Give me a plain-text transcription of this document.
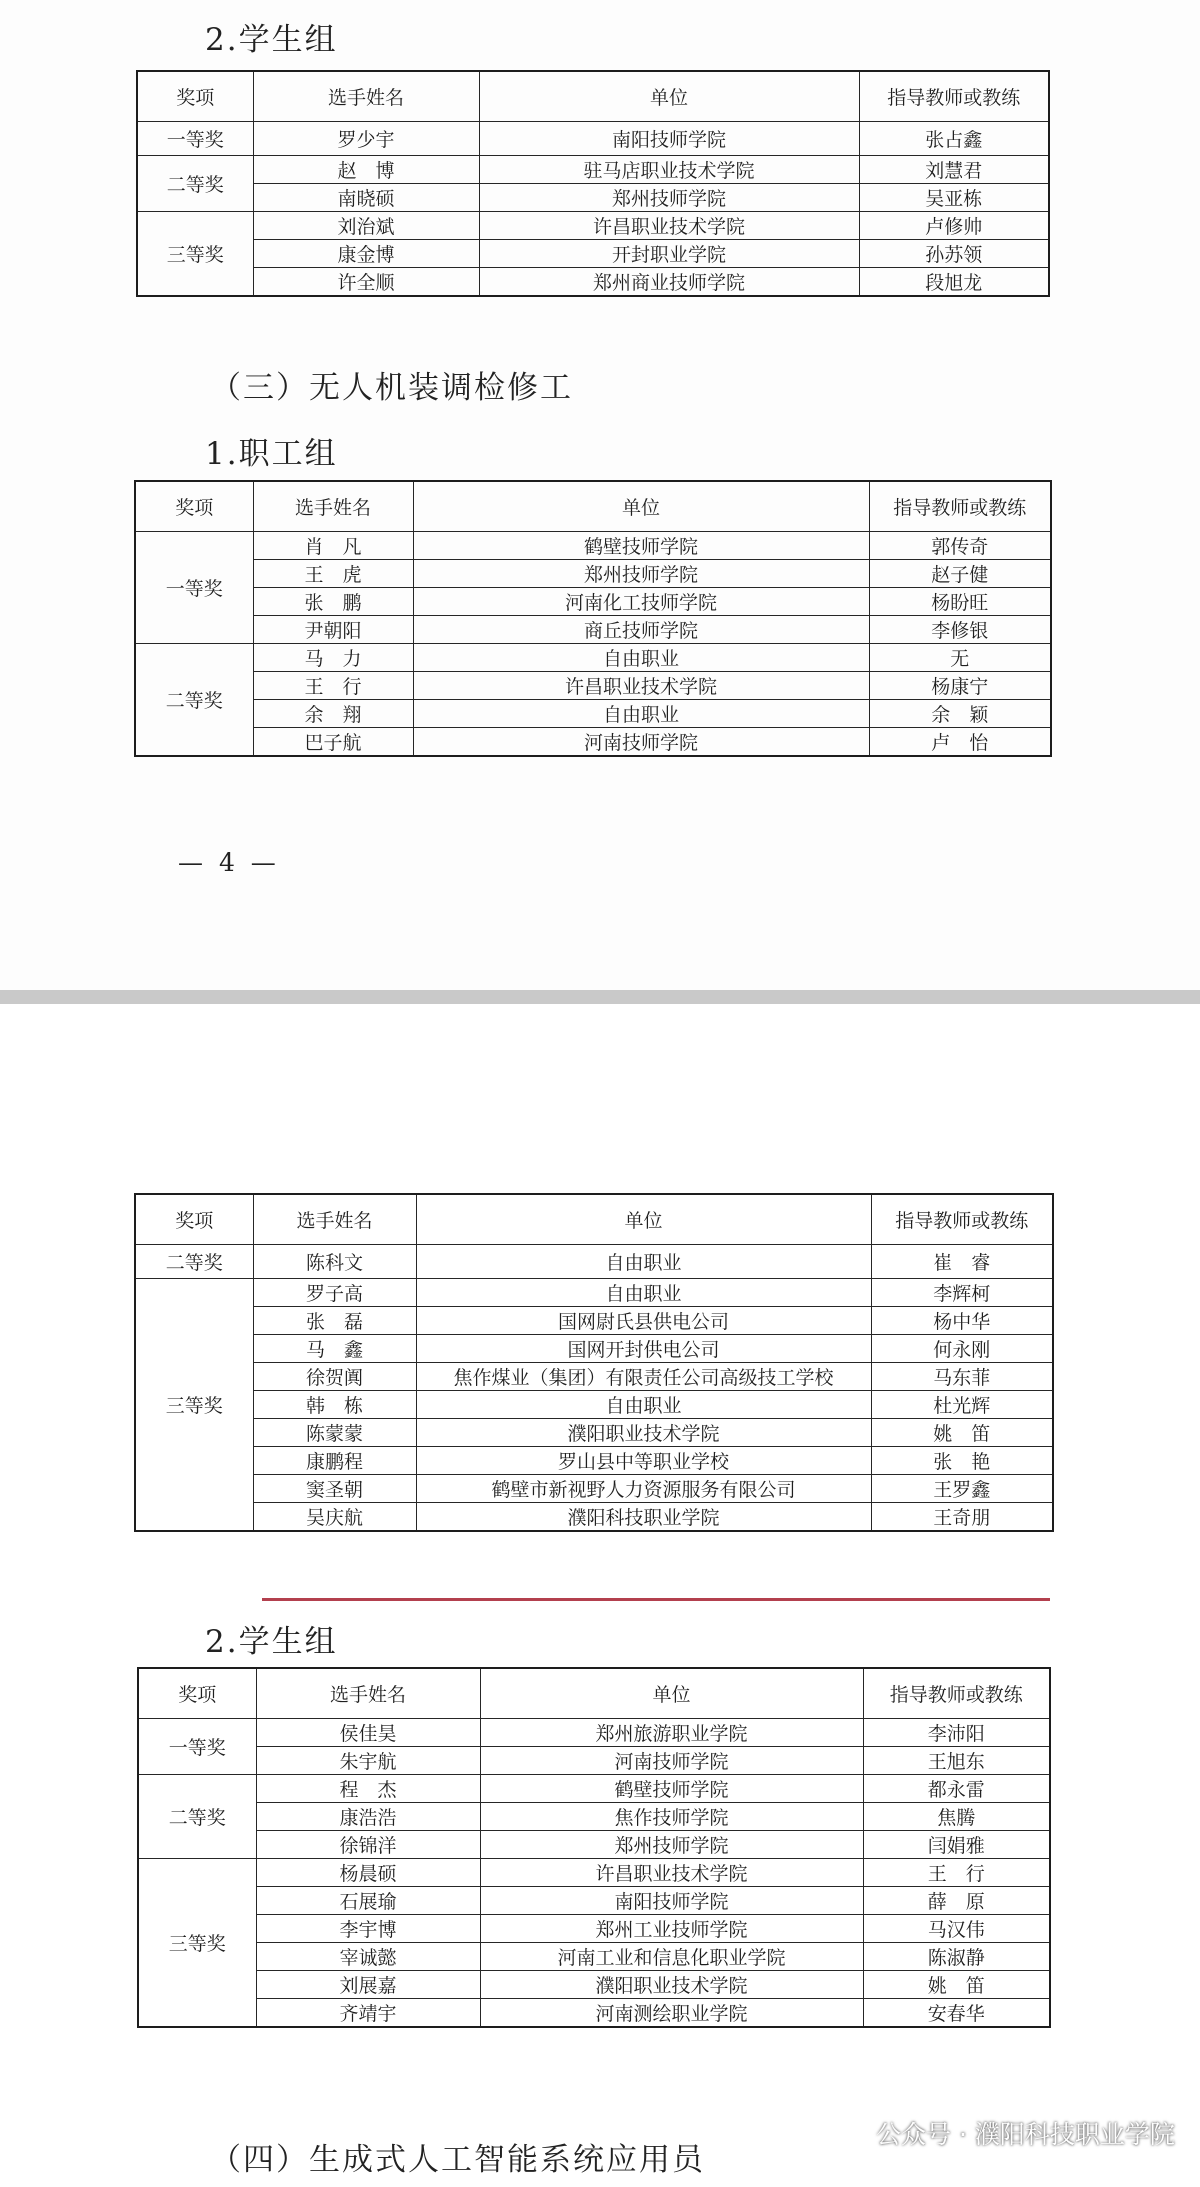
2.学生组
奖项	选手姓名	单位	指导教师或教练
一等奖	罗少宇	南阳技师学院	张占鑫
二等奖	赵　博	驻马店职业技术学院	刘慧君
	南晓硕	郑州技师学院	吴亚栋
三等奖	刘治斌	许昌职业技术学院	卢修帅
	康金博	开封职业学院	孙苏领
	许全顺	郑州商业技师学院	段旭龙
（三）无人机装调检修工
1.职工组
奖项	选手姓名	单位	指导教师或教练
一等奖	肖　凡	鹤壁技师学院	郭传奇
	王　虎	郑州技师学院	赵子健
	张　鹏	河南化工技师学院	杨盼旺
	尹朝阳	商丘技师学院	李修银
二等奖	马　力	自由职业	无
	王　行	许昌职业技术学院	杨康宁
	余　翔	自由职业	余　颖
	巴子航	河南技师学院	卢　怡
— 4 —
奖项	选手姓名	单位	指导教师或教练
二等奖	陈科文	自由职业	崔　睿
三等奖	罗子高	自由职业	李辉柯
	张　磊	国网尉氏县供电公司	杨中华
	马　鑫	国网开封供电公司	何永刚
	徐贺阗	焦作煤业（集团）有限责任公司高级技工学校	马东菲
	韩　栋	自由职业	杜光辉
	陈蒙蒙	濮阳职业技术学院	姚　笛
	康鹏程	罗山县中等职业学校	张　艳
	窦圣朝	鹤壁市新视野人力资源服务有限公司	王罗鑫
	吴庆航	濮阳科技职业学院	王奇朋
2.学生组
奖项	选手姓名	单位	指导教师或教练
一等奖	侯佳昊	郑州旅游职业学院	李沛阳
	朱宇航	河南技师学院	王旭东
二等奖	程　杰	鹤壁技师学院	都永雷
	康浩浩	焦作技师学院	焦腾
	徐锦洋	郑州技师学院	闫娟雅
三等奖	杨晨硕	许昌职业技术学院	王　行
	石展瑜	南阳技师学院	薛　原
	李宇博	郑州工业技师学院	马汉伟
	宰诚懿	河南工业和信息化职业学院	陈淑静
	刘展嘉	濮阳职业技术学院	姚　笛
	齐靖宇	河南测绘职业学院	安春华
（四）生成式人工智能系统应用员
公众号 · 濮阳科技职业学院
